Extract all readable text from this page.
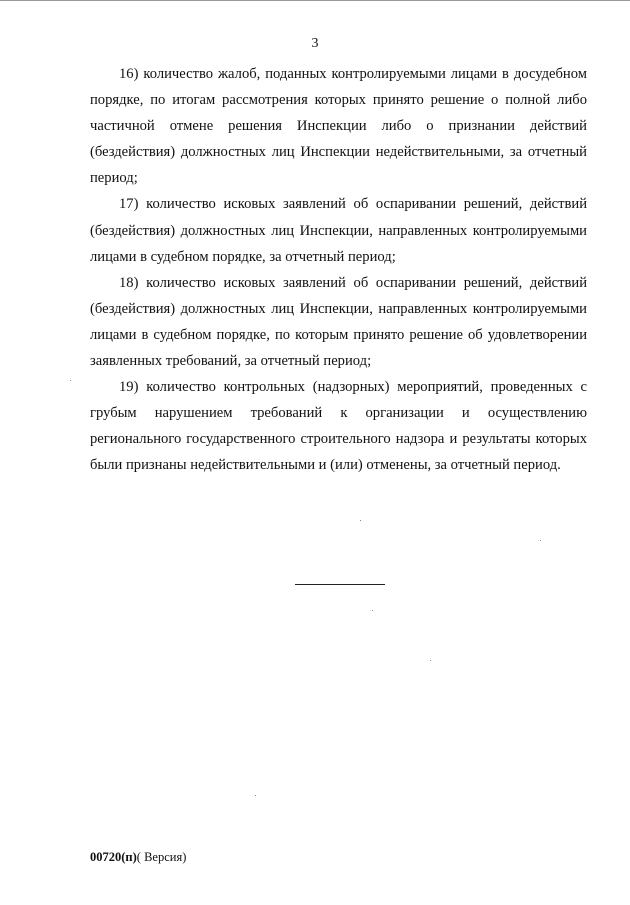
3

16) количество жалоб, поданных контролируемыми лицами в досудебном порядке, по итогам рассмотрения которых принято решение о полной либо частичной отмене решения Инспекции либо о признании действий (бездействия) должностных лиц Инспекции недействительными, за отчетный период;

17) количество исковых заявлений об оспаривании решений, действий (бездействия) должностных лиц Инспекции, направленных контролируемыми лицами в судебном порядке, за отчетный период;

18) количество исковых заявлений об оспаривании решений, действий (бездействия) должностных лиц Инспекции, направленных контролируемыми лицами в судебном порядке, по которым принято решение об удовлетворении заявленных требований, за отчетный период;

19) количество контрольных (надзорных) мероприятий, проведенных с грубым нарушением требований к организации и осуществлению регионального государственного строительного надзора и результаты которых были признаны недействительными и (или) отменены, за отчетный период.

00720(п)( Версия)
